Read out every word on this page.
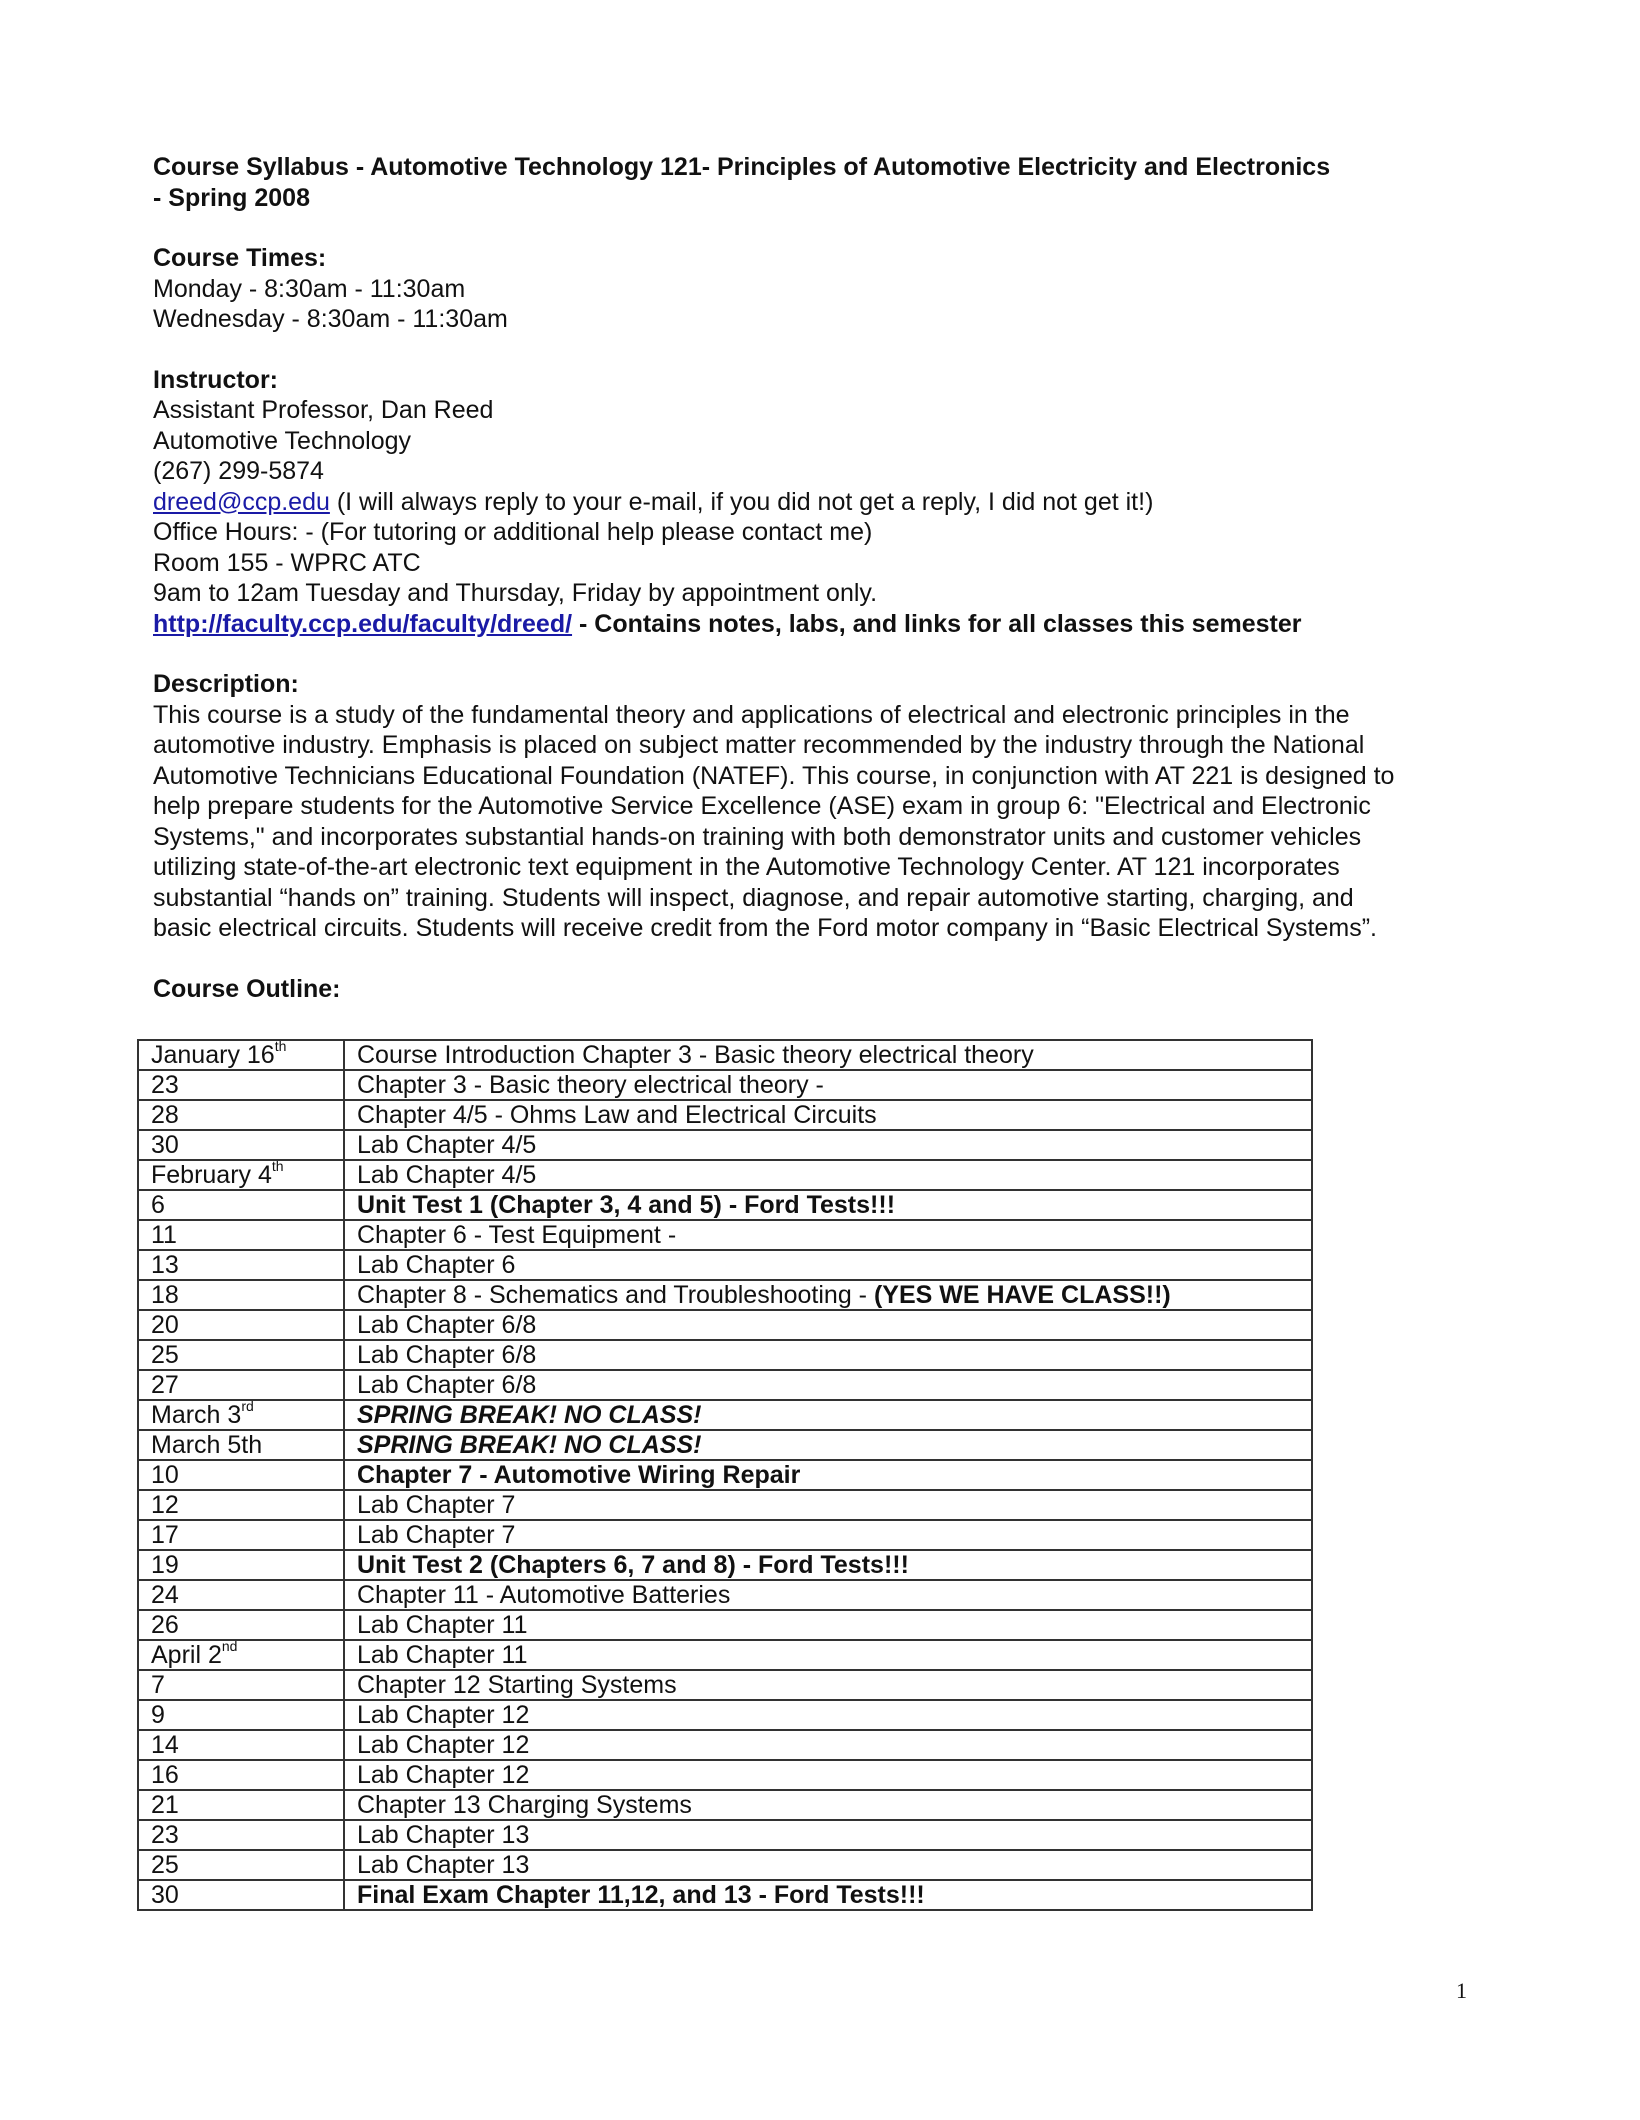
Course Syllabus - Automotive Technology 121- Principles of Automotive Electricity and Electronics
- Spring 2008
Course Times:
Monday - 8:30am - 11:30am
Wednesday - 8:30am - 11:30am
Instructor:
Assistant Professor, Dan Reed
Automotive Technology
(267) 299-5874
dreed@ccp.edu (I will always reply to your e-mail, if you did not get a reply, I did not get it!)
Office Hours: - (For tutoring or additional help please contact me)
Room 155 - WPRC ATC
9am to 12am Tuesday and Thursday, Friday by appointment only.
http://faculty.ccp.edu/faculty/dreed/ - Contains notes, labs, and links for all classes this semester
Description:
This course is a study of the fundamental theory and applications of electrical and electronic principles in the
automotive industry. Emphasis is placed on subject matter recommended by the industry through the National
Automotive Technicians Educational Foundation (NATEF). This course, in conjunction with AT 221 is designed to
help prepare students for the Automotive Service Excellence (ASE) exam in group 6: "Electrical and Electronic
Systems," and incorporates substantial hands-on training with both demonstrator units and customer vehicles
utilizing state-of-the-art electronic text equipment in the Automotive Technology Center. AT 121 incorporates
substantial “hands on” training. Students will inspect, diagnose, and repair automotive starting, charging, and
basic electrical circuits. Students will receive credit from the Ford motor company in “Basic Electrical Systems”.
Course Outline:
January 16th	Course Introduction Chapter 3 - Basic theory electrical theory
23	Chapter 3 - Basic theory electrical theory -
28	Chapter 4/5 - Ohms Law and Electrical Circuits
30	Lab Chapter 4/5
February 4th	Lab Chapter 4/5
6	Unit Test 1 (Chapter 3, 4 and 5) - Ford Tests!!!
11	Chapter 6 - Test Equipment -
13	Lab Chapter 6
18	Chapter 8 - Schematics and Troubleshooting - (YES WE HAVE CLASS!!)
20	Lab Chapter 6/8
25	Lab Chapter 6/8
27	Lab Chapter 6/8
March 3rd	SPRING BREAK! NO CLASS!
March 5th	SPRING BREAK! NO CLASS!
10	Chapter 7 - Automotive Wiring Repair
12	Lab Chapter 7
17	Lab Chapter 7
19	Unit Test 2 (Chapters 6, 7 and 8) - Ford Tests!!!
24	Chapter 11 - Automotive Batteries
26	Lab Chapter 11
April 2nd	Lab Chapter 11
7	Chapter 12 Starting Systems
9	Lab Chapter 12
14	Lab Chapter 12
16	Lab Chapter 12
21	Chapter 13 Charging Systems
23	Lab Chapter 13
25	Lab Chapter 13
30	Final Exam Chapter 11,12, and 13 - Ford Tests!!!
1
